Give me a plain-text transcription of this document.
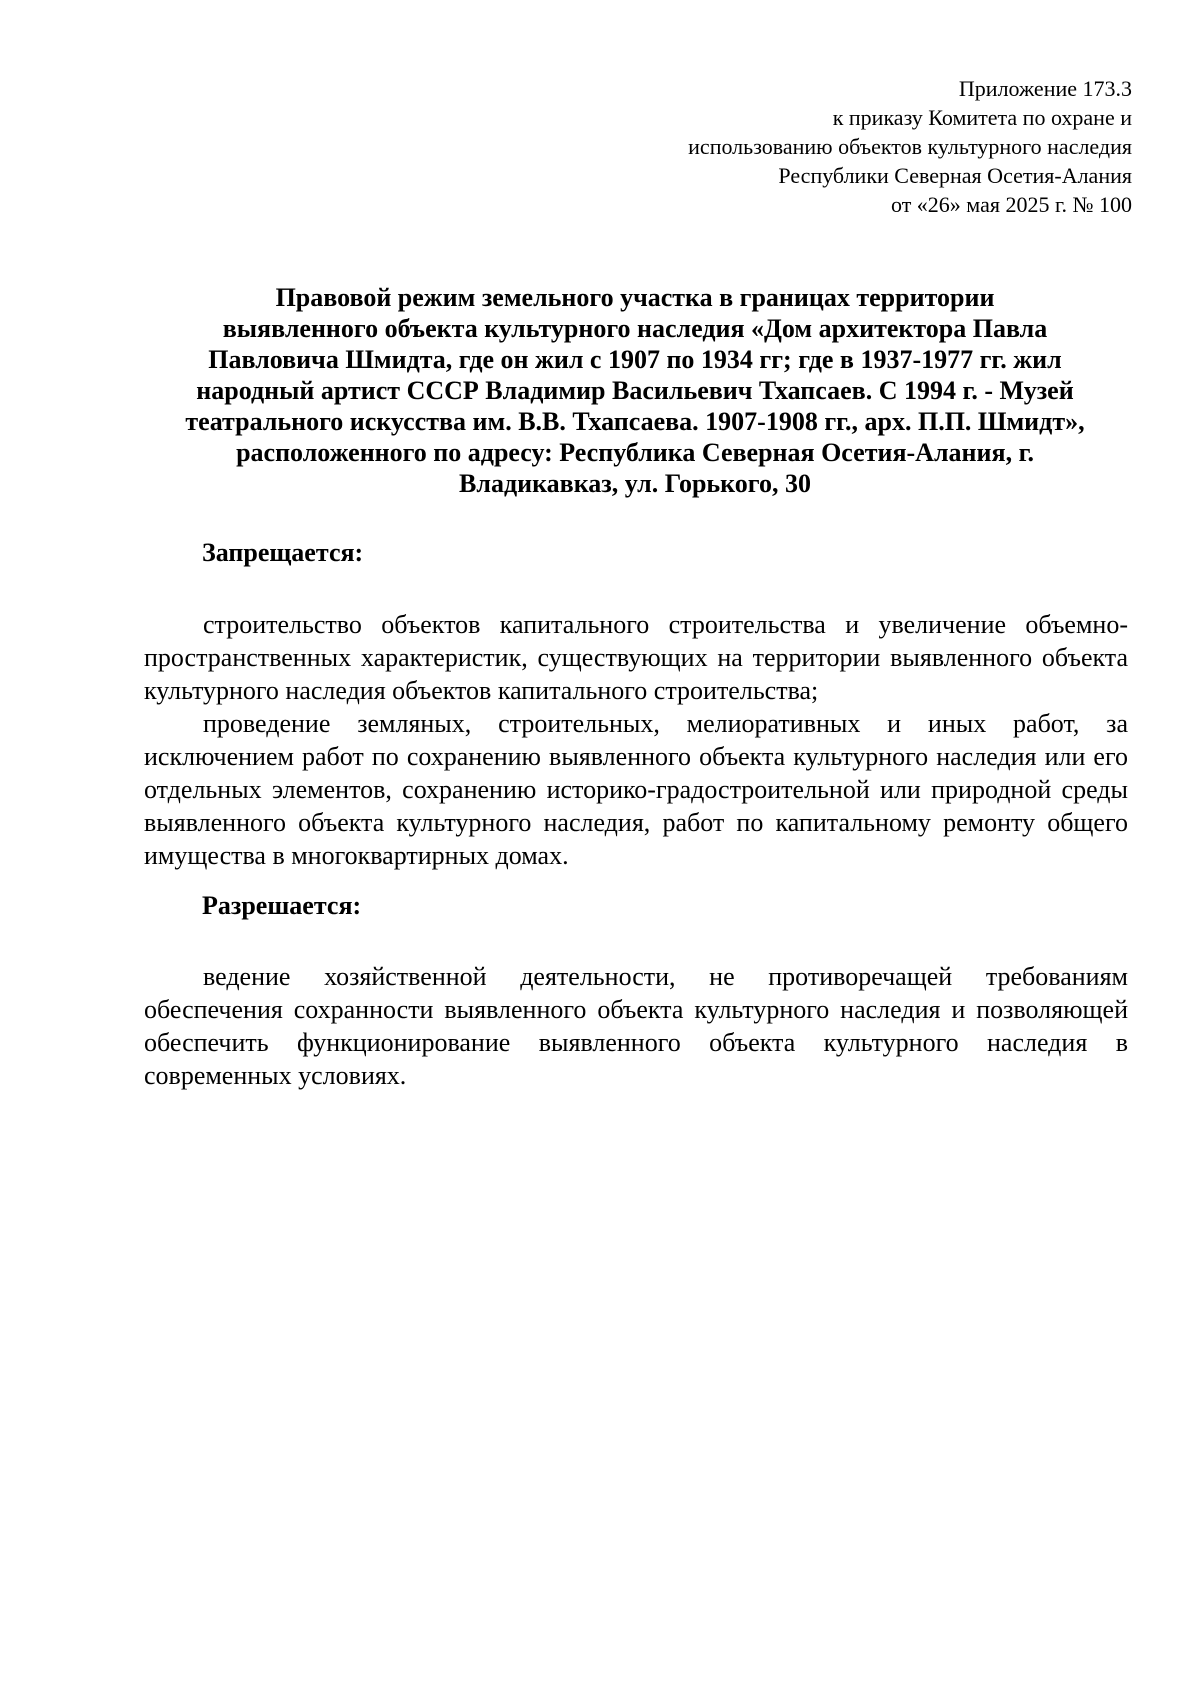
Приложение 173.3
к приказу Комитета по охране и
использованию объектов культурного наследия
Республики Северная Осетия-Алания
от «26» мая 2025 г. № 100
Правовой режим земельного участка в границах территории
выявленного объекта культурного наследия «Дом архитектора Павла
Павловича Шмидта, где он жил с 1907 по 1934 гг; где в 1937-1977 гг. жил
народный артист СССР Владимир Васильевич Тхапсаев. С 1994 г. - Музей
театрального искусства им. В.В. Тхапсаева. 1907-1908 гг., арх. П.П. Шмидт»,
расположенного по адресу: Республика Северная Осетия-Алания, г.
Владикавказ, ул. Горького, 30
Запрещается:

строительство объектов капитального строительства и увеличение объемно-пространственных характеристик, существующих на территории выявленного объекта культурного наследия объектов капитального строительства;

проведение земляных, строительных, мелиоративных и иных работ, за исключением работ по сохранению выявленного объекта культурного наследия или его отдельных элементов, сохранению историко-градостроительной или природной среды выявленного объекта культурного наследия, работ по капитальному ремонту общего имущества в многоквартирных домах.

Разрешается:

ведение хозяйственной деятельности, не противоречащей требованиям обеспечения сохранности выявленного объекта культурного наследия и позволяющей обеспечить функционирование выявленного объекта культурного наследия в современных условиях.
